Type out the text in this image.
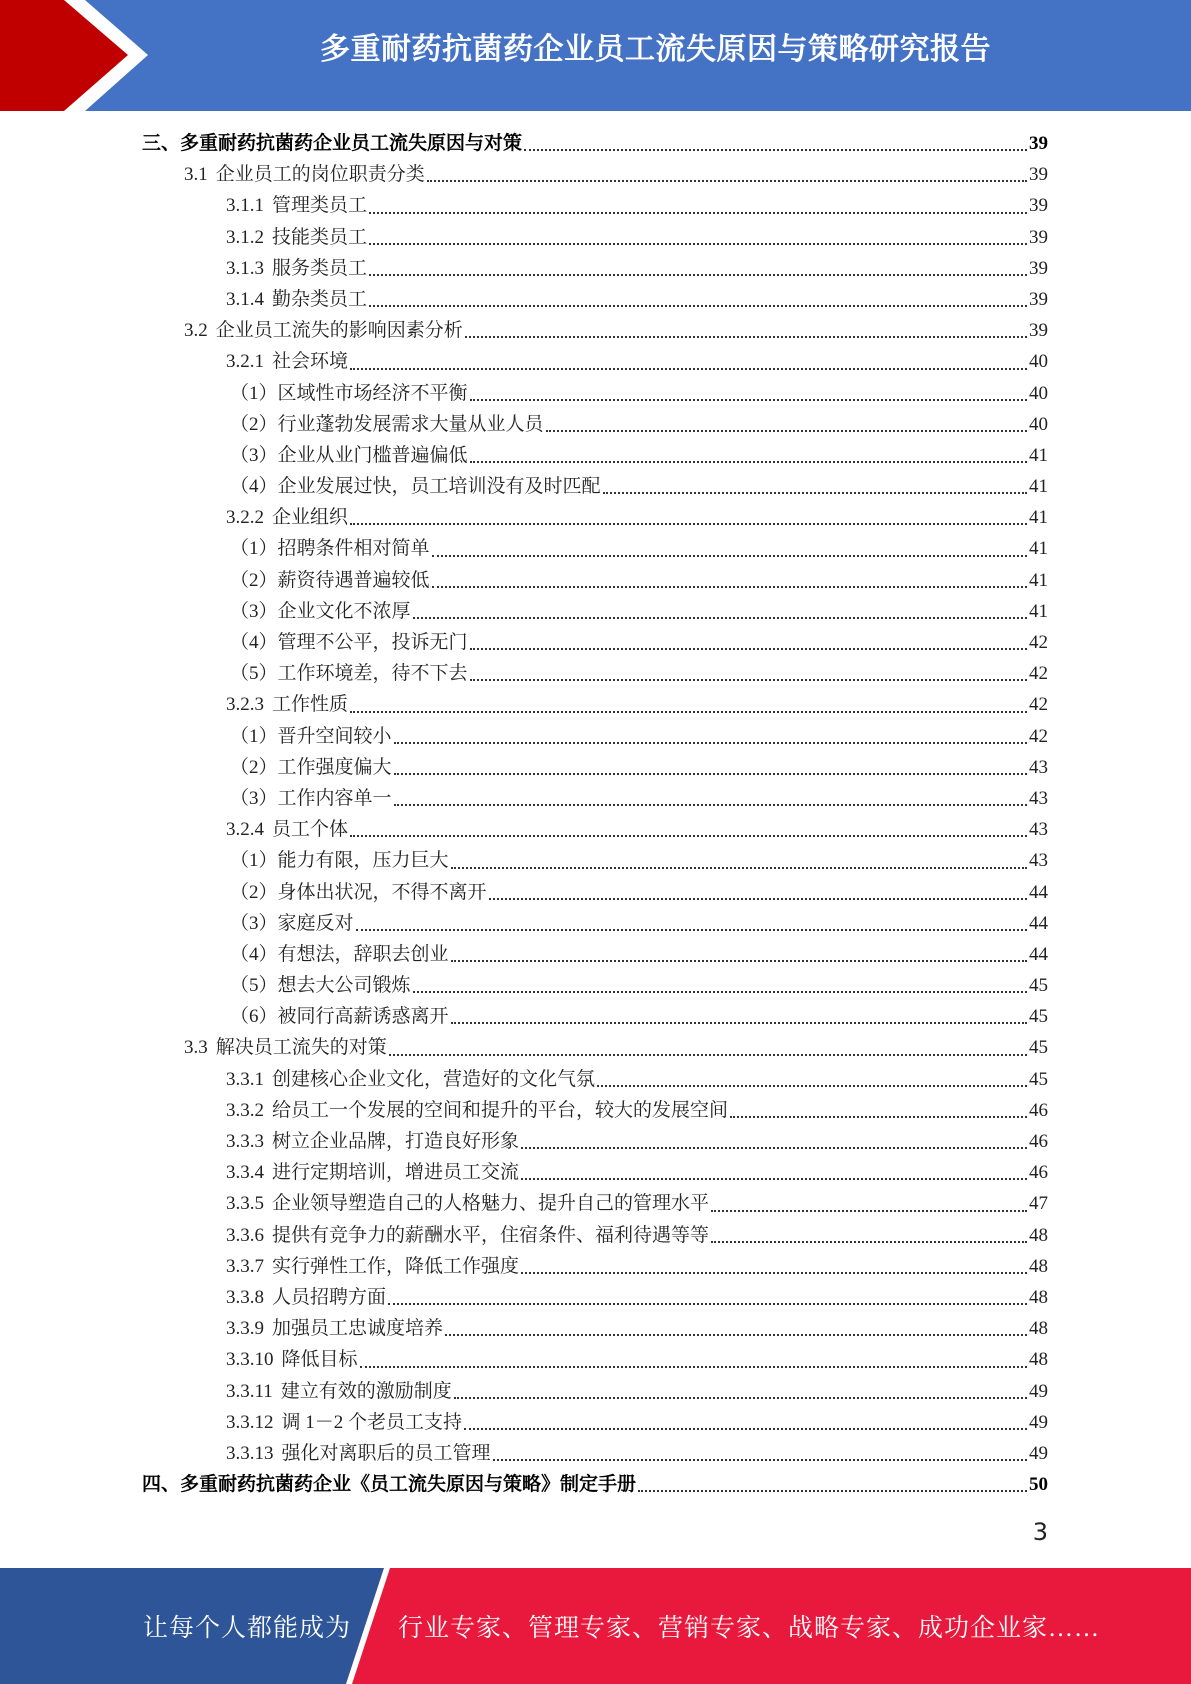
多重耐药抗菌药企业员工流失原因与策略研究报告
三、多重耐药抗菌药企业员工流失原因与对策	39
3.1 企业员工的岗位职责分类	39
3.1.1 管理类员工	39
3.1.2 技能类员工	39
3.1.3 服务类员工	39
3.1.4 勤杂类员工	39
3.2 企业员工流失的影响因素分析	39
3.2.1 社会环境	40
（1）区域性市场经济不平衡	40
（2）行业蓬勃发展需求大量从业人员	40
（3）企业从业门槛普遍偏低	41
（4）企业发展过快，员工培训没有及时匹配	41
3.2.2 企业组织	41
（1）招聘条件相对简单	41
（2）薪资待遇普遍较低	41
（3）企业文化不浓厚	41
（4）管理不公平，投诉无门	42
（5）工作环境差，待不下去	42
3.2.3 工作性质	42
（1）晋升空间较小	42
（2）工作强度偏大	43
（3）工作内容单一	43
3.2.4 员工个体	43
（1）能力有限，压力巨大	43
（2）身体出状况，不得不离开	44
（3）家庭反对	44
（4）有想法，辞职去创业	44
（5）想去大公司锻炼	45
（6）被同行高薪诱惑离开	45
3.3 解决员工流失的对策	45
3.3.1 创建核心企业文化，营造好的文化气氛	45
3.3.2 给员工一个发展的空间和提升的平台，较大的发展空间	46
3.3.3 树立企业品牌，打造良好形象	46
3.3.4 进行定期培训，增进员工交流	46
3.3.5 企业领导塑造自己的人格魅力、提升自己的管理水平	47
3.3.6 提供有竞争力的薪酬水平，住宿条件、福利待遇等等	48
3.3.7 实行弹性工作，降低工作强度	48
3.3.8 人员招聘方面	48
3.3.9 加强员工忠诚度培养	48
3.3.10 降低目标	48
3.3.11 建立有效的激励制度	49
3.3.12 调 1－2 个老员工支持	49
3.3.13 强化对离职后的员工管理	49
四、多重耐药抗菌药企业《员工流失原因与策略》制定手册	50
3
让每个人都能成为 行业专家、管理专家、营销专家、战略专家、成功企业家……
